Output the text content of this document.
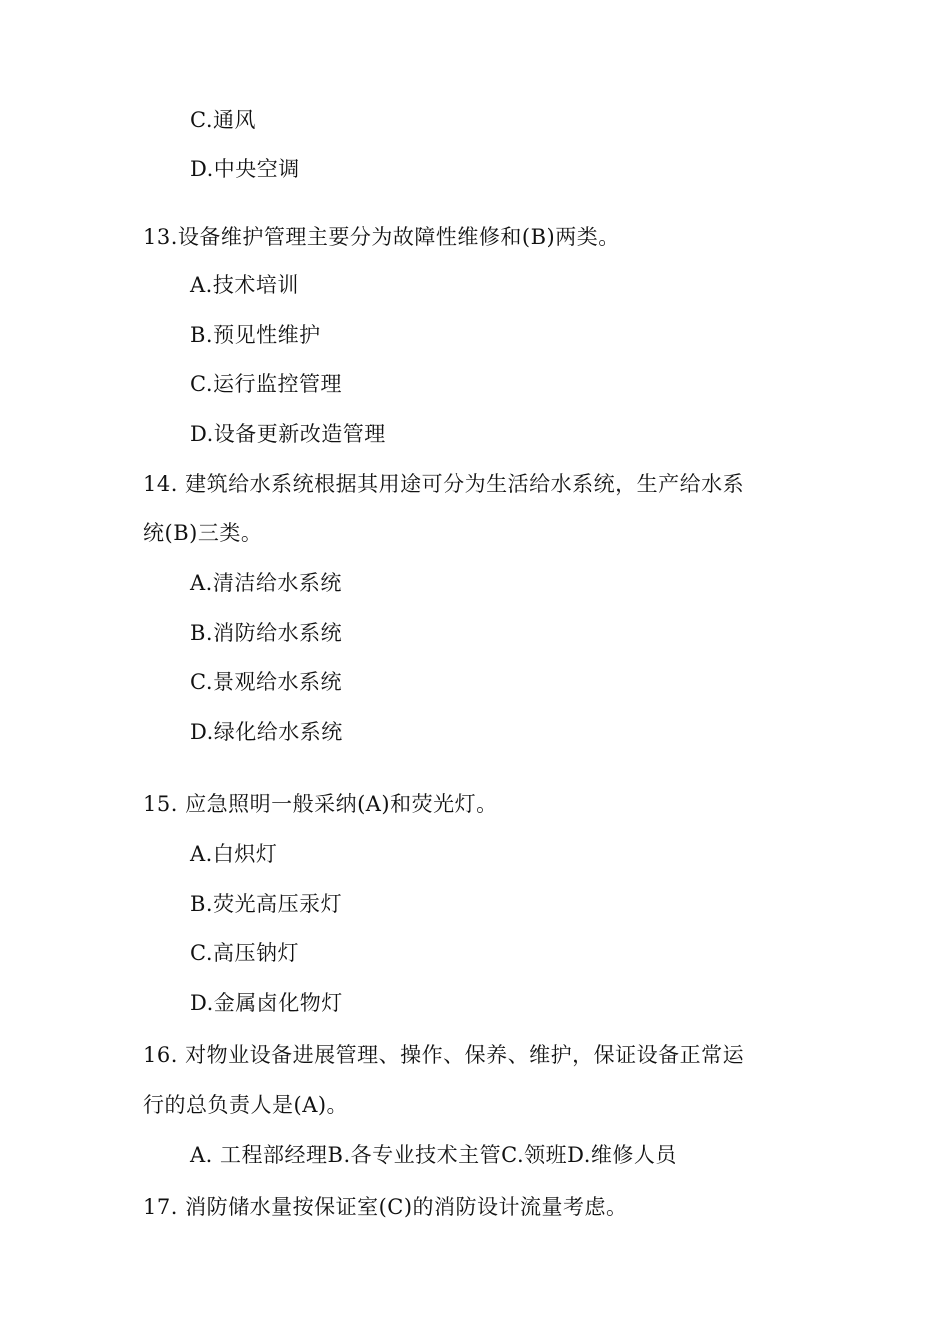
C.通风
D.中央空调
13.设备维护管理主要分为故障性维修和(B)两类。
A.技术培训
B.预见性维护
C.运行监控管理
D.设备更新改造管理
14. 建筑给水系统根据其用途可分为生活给水系统，生产给水系
统(B)三类。
A.清洁给水系统
B.消防给水系统
C.景观给水系统
D.绿化给水系统
15. 应急照明一般采纳(A)和荧光灯。
A.白炽灯
B.荧光高压汞灯
C.高压钠灯
D.金属卤化物灯
16. 对物业设备进展管理、操作、保养、维护，保证设备正常运
行的总负责人是(A)。
A. 工程部经理B.各专业技术主管C.领班D.维修人员
17. 消防储水量按保证室(C)的消防设计流量考虑。
